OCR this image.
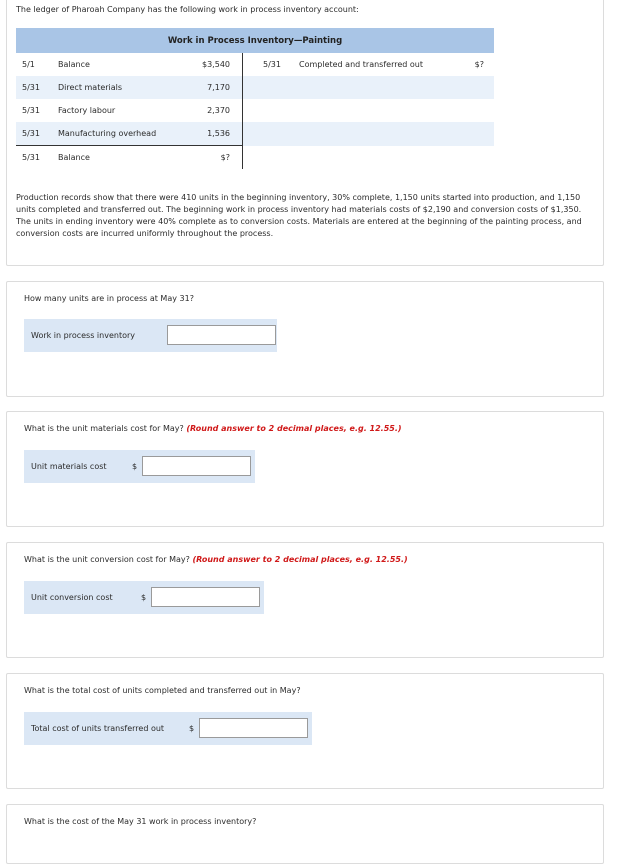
The ledger of Pharoah Company has the following work in process inventory account:
Work in Process Inventory—Painting					
5/1	Balance	$3,540		5/31	Completed and transferred out	$?
5/31	Direct materials	7,170				
5/31	Factory labour	2,370				
5/31	Manufacturing overhead	1,536				
5/31	Balance	$?				
Production records show that there were 410 units in the beginning inventory, 30% complete, 1,150 units started into production, and 1,150 units completed and transferred out. The beginning work in process inventory had materials costs of $2,190 and conversion costs of $1,350. The units in ending inventory were 40% complete as to conversion costs. Materials are entered at the beginning of the painting process, and conversion costs are incurred uniformly throughout the process.
How many units are in process at May 31?
Work in process inventory
What is the unit materials cost for May? (Round answer to 2 decimal places, e.g. 12.55.)
Unit materials cost	$
What is the unit conversion cost for May? (Round answer to 2 decimal places, e.g. 12.55.)
Unit conversion cost	$
What is the total cost of units completed and transferred out in May?
Total cost of units transferred out	$
What is the cost of the May 31 work in process inventory?
